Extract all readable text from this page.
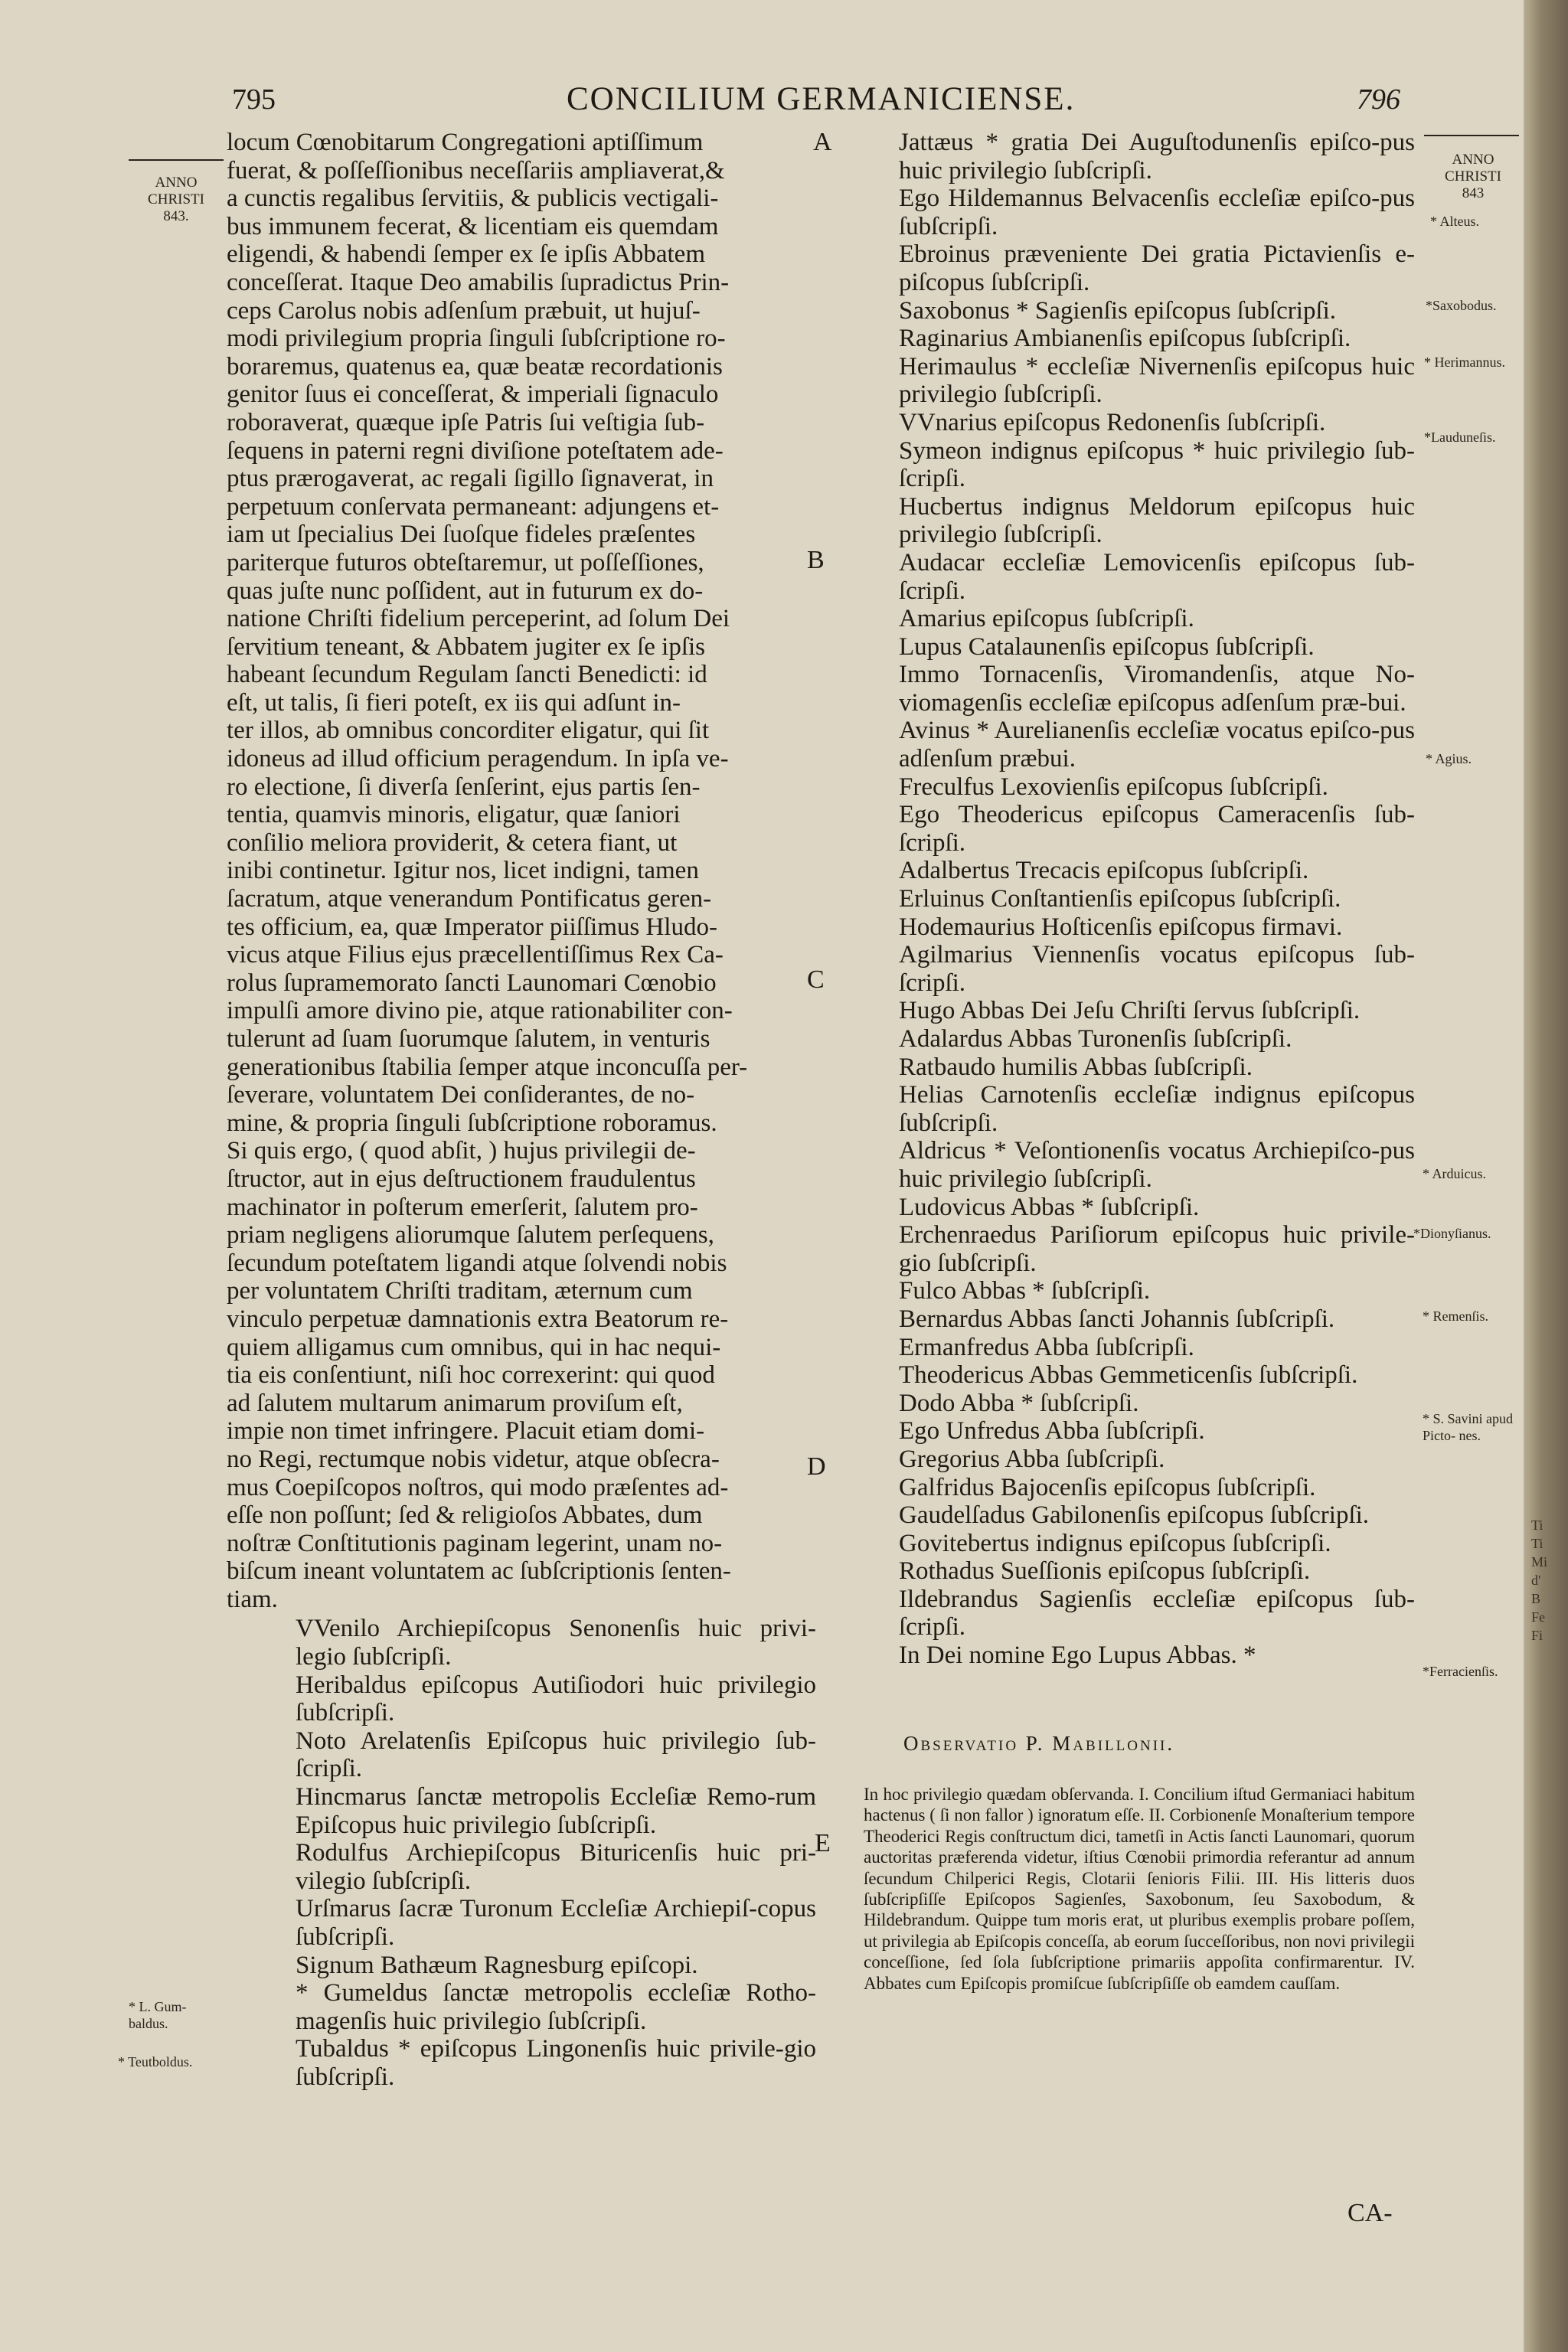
Ti
Ti
Mi
d'
B
Fe
Fi
795	CONCILIUM GERMANICIENSE.	796
ANNO
CHRISTI
843.
ANNO
CHRISTI
843
A
B
C
D
E
locum Cœnobitarum Congregationi aptiſſimum
fuerat, & poſſeſſionibus neceſſariis ampliaverat,&
a cunctis regalibus ſervitiis, & publicis vectigali-
bus immunem fecerat, & licentiam eis quemdam
eligendi, & habendi ſemper ex ſe ipſis Abbatem
conceſſerat. Itaque Deo amabilis ſupradictus Prin-
ceps Carolus nobis adſenſum præbuit, ut hujuſ-
modi privilegium propria ſinguli ſubſcriptione ro-
boraremus, quatenus ea, quæ beatæ recordationis
genitor ſuus ei conceſſerat, & imperiali ſignaculo
roboraverat, quæque ipſe Patris ſui veſtigia ſub-
ſequens in paterni regni diviſione poteſtatem ade-
ptus prærogaverat, ac regali ſigillo ſignaverat, in
perpetuum conſervata permaneant: adjungens et-
iam ut ſpecialius Dei ſuoſque fideles præſentes
pariterque futuros obteſtaremur, ut poſſeſſiones,
quas juſte nunc poſſident, aut in futurum ex do-
natione Chriſti fidelium perceperint, ad ſolum Dei
ſervitium teneant, & Abbatem jugiter ex ſe ipſis
habeant ſecundum Regulam ſancti Benedicti: id
eſt, ut talis, ſi fieri poteſt, ex iis qui adſunt in-
ter illos, ab omnibus concorditer eligatur, qui ſit
idoneus ad illud officium peragendum. In ipſa ve-
ro electione, ſi diverſa ſenſerint, ejus partis ſen-
tentia, quamvis minoris, eligatur, quæ ſaniori
conſilio meliora providerit, & cetera fiant, ut
inibi continetur. Igitur nos, licet indigni, tamen
ſacratum, atque venerandum Pontificatus geren-
tes officium, ea, quæ Imperator piiſſimus Hludo-
vicus atque Filius ejus præcellentiſſimus Rex Ca-
rolus ſupramemorato ſancti Launomari Cœnobio
impulſi amore divino pie, atque rationabiliter con-
tulerunt ad ſuam ſuorumque ſalutem, in venturis
generationibus ſtabilia ſemper atque inconcuſſa per-
ſeverare, voluntatem Dei conſiderantes, de no-
mine, & propria ſinguli ſubſcriptione roboramus.
Si quis ergo, ( quod abſit, ) hujus privilegii de-
ſtructor, aut in ejus deſtructionem fraudulentus
machinator in poſterum emerſerit, ſalutem pro-
priam negligens aliorumque ſalutem perſequens,
ſecundum poteſtatem ligandi atque ſolvendi nobis
per voluntatem Chriſti traditam, æternum cum
vinculo perpetuæ damnationis extra Beatorum re-
quiem alligamus cum omnibus, qui in hac nequi-
tia eis conſentiunt, niſi hoc correxerint: qui quod
ad ſalutem multarum animarum proviſum eſt,
impie non timet infringere. Placuit etiam domi-
no Regi, rectumque nobis videtur, atque obſecra-
mus Coepiſcopos noſtros, qui modo præſentes ad-
eſſe non poſſunt; ſed & religioſos Abbates, dum
noſtræ Conſtitutionis paginam legerint, unam no-
biſcum ineant voluntatem ac ſubſcriptionis ſenten-
tiam.

VVenilo Archiepiſcopus Senonenſis huic privi-legio ſubſcripſi.

Heribaldus epiſcopus Autiſiodori huic privilegio ſubſcripſi.

Noto Arelatenſis Epiſcopus huic privilegio ſub-ſcripſi.

Hincmarus ſanctæ metropolis Eccleſiæ Remo-rum Epiſcopus huic privilegio ſubſcripſi.

Rodulfus Archiepiſcopus Bituricenſis huic pri-vilegio ſubſcripſi.

Urſmarus ſacræ Turonum Eccleſiæ Archiepiſ-copus ſubſcripſi.

Signum Bathæum Ragnesburg epiſcopi.

* Gumeldus ſanctæ metropolis eccleſiæ Rotho-magenſis huic privilegio ſubſcripſi.

Tubaldus * epiſcopus Lingonenſis huic privile-gio ſubſcripſi.

* L. Gum- baldus.
* Teutboldus.

Jattæus * gratia Dei Auguſtodunenſis epiſco-pus huic privilegio ſubſcripſi.

Ego Hildemannus Belvacenſis eccleſiæ epiſco-pus ſubſcripſi.

Ebroinus præveniente Dei gratia Pictavienſis e-piſcopus ſubſcripſi.

Saxobonus * Sagienſis epiſcopus ſubſcripſi.

Raginarius Ambianenſis epiſcopus ſubſcripſi.

Herimaulus * eccleſiæ Nivernenſis epiſcopus huic privilegio ſubſcripſi.

VVnarius epiſcopus Redonenſis ſubſcripſi.

Symeon indignus epiſcopus * huic privilegio ſub-ſcripſi.

Hucbertus indignus Meldorum epiſcopus huic privilegio ſubſcripſi.

Audacar eccleſiæ Lemovicenſis epiſcopus ſub-ſcripſi.

Amarius epiſcopus ſubſcripſi.

Lupus Catalaunenſis epiſcopus ſubſcripſi.

Immo Tornacenſis, Viromandenſis, atque No-viomagenſis eccleſiæ epiſcopus adſenſum præ-bui.

Avinus * Aurelianenſis eccleſiæ vocatus epiſco-pus adſenſum præbui.

Freculfus Lexovienſis epiſcopus ſubſcripſi.

Ego Theodericus epiſcopus Cameracenſis ſub-ſcripſi.

Adalbertus Trecacis epiſcopus ſubſcripſi.

Erluinus Conſtantienſis epiſcopus ſubſcripſi.

Hodemaurius Hoſticenſis epiſcopus firmavi.

Agilmarius Viennenſis vocatus epiſcopus ſub-ſcripſi.

Hugo Abbas Dei Jeſu Chriſti ſervus ſubſcripſi.

Adalardus Abbas Turonenſis ſubſcripſi.

Ratbaudo humilis Abbas ſubſcripſi.

Helias Carnotenſis eccleſiæ indignus epiſcopus ſubſcripſi.

Aldricus * Veſontionenſis vocatus Archiepiſco-pus huic privilegio ſubſcripſi.

Ludovicus Abbas * ſubſcripſi.

Erchenraedus Pariſiorum epiſcopus huic privile-gio ſubſcripſi.

Fulco Abbas * ſubſcripſi.

Bernardus Abbas ſancti Johannis ſubſcripſi.

Ermanfredus Abba ſubſcripſi.

Theodericus Abbas Gemmeticenſis ſubſcripſi.

Dodo Abba * ſubſcripſi.

Ego Unfredus Abba ſubſcripſi.

Gregorius Abba ſubſcripſi.

Galfridus Bajocenſis epiſcopus ſubſcripſi.

Gaudelſadus Gabilonenſis epiſcopus ſubſcripſi.

Govitebertus indignus epiſcopus ſubſcripſi.

Rothadus Sueſſionis epiſcopus ſubſcripſi.

Ildebrandus Sagienſis eccleſiæ epiſcopus ſub-ſcripſi.

In Dei nomine Ego Lupus Abbas. *

* Alteus.
*Saxobodus.
* Herimannus.
*Lauduneſis.
* Agius.
* Arduicus.
*Dionyſianus.
* Remenſis.
* S. Savini apud Picto- nes.
*Ferracienſis.
Observatio P. Mabillonii.
In hoc privilegio quædam obſervanda. I. Concilium iſtud Germaniaci habitum hactenus ( ſi non fallor ) ignoratum eſſe. II. Corbionenſe Monaſterium tempore Theoderici Regis conſtructum dici, tametſi in Actis ſancti Launomari, quorum auctoritas præferenda videtur, iſtius Cœnobii primordia referantur ad annum ſecundum Chilperici Regis, Clotarii ſenioris Filii. III. His litteris duos ſubſcripſiſſe Epiſcopos Sagienſes, Saxobonum, ſeu Saxobodum, & Hildebrandum. Quippe tum moris erat, ut pluribus exemplis probare poſſem, ut privilegia ab Epiſcopis conceſſa, ab eorum ſucceſſoribus, non novi privilegii conceſſione, ſed ſola ſubſcriptione primariis appoſita confirmarentur. IV. Abbates cum Epiſcopis promiſcue ſubſcripſiſſe ob eamdem cauſſam.
CA-
